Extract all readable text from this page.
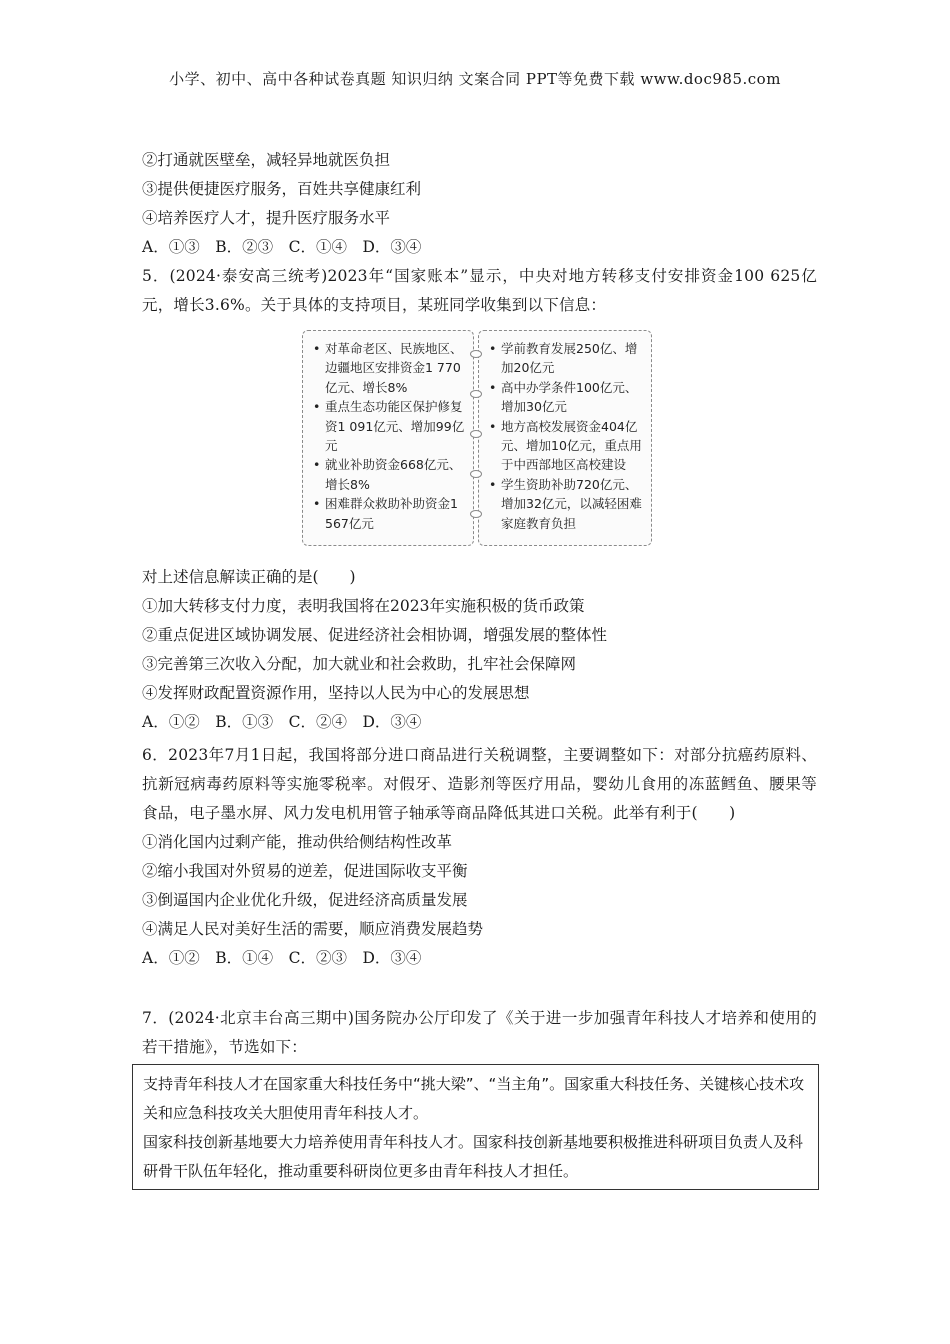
小学、初中、高中各种试卷真题 知识归纳 文案合同 PPT等免费下载 www.doc985.com
②打通就医壁垒，减轻异地就医负担
③提供便捷医疗服务，百姓共享健康红利
④培养医疗人才，提升医疗服务水平
A．①③　B．②③　C．①④　D．③④
5．(2024·泰安高三统考)2023年“国家账本”显示，中央对地方转移支付安排资金100 625亿元，增长3.6%。关于具体的支持项目，某班同学收集到以下信息：

• 对革命老区、民族地区、边疆地区安排资金1 770亿元、增长8%

• 重点生态功能区保护修复资1 091亿元、增加99亿元

• 就业补助资金668亿元、增长8%

• 困难群众救助补助资金1 567亿元

• 学前教育发展250亿、增加20亿元

• 高中办学条件100亿元、增加30亿元

• 地方高校发展资金404亿元、增加10亿元，重点用于中西部地区高校建设

• 学生资助补助720亿元、增加32亿元，以减轻困难家庭教育负担

对上述信息解读正确的是(　　)
①加大转移支付力度，表明我国将在2023年实施积极的货币政策
②重点促进区域协调发展、促进经济社会相协调，增强发展的整体性
③完善第三次收入分配，加大就业和社会救助，扎牢社会保障网
④发挥财政配置资源作用，坚持以人民为中心的发展思想
A．①②　B．①③　C．②④　D．③④
6．2023年7月1日起，我国将部分进口商品进行关税调整，主要调整如下：对部分抗癌药原料、抗新冠病毒药原料等实施零税率。对假牙、造影剂等医疗用品，婴幼儿食用的冻蓝鳕鱼、腰果等食品，电子墨水屏、风力发电机用管子轴承等商品降低其进口关税。此举有利于(　　)
①消化国内过剩产能，推动供给侧结构性改革
②缩小我国对外贸易的逆差，促进国际收支平衡
③倒逼国内企业优化升级，促进经济高质量发展
④满足人民对美好生活的需要，顺应消费发展趋势
A．①②　B．①④　C．②③　D．③④
7．(2024·北京丰台高三期中)国务院办公厅印发了《关于进一步加强青年科技人才培养和使用的若干措施》，节选如下：
支持青年科技人才在国家重大科技任务中“挑大梁”、“当主角”。国家重大科技任务、关键核心技术攻关和应急科技攻关大胆使用青年科技人才。
国家科技创新基地要大力培养使用青年科技人才。国家科技创新基地要积极推进科研项目负责人及科研骨干队伍年轻化，推动重要科研岗位更多由青年科技人才担任。
